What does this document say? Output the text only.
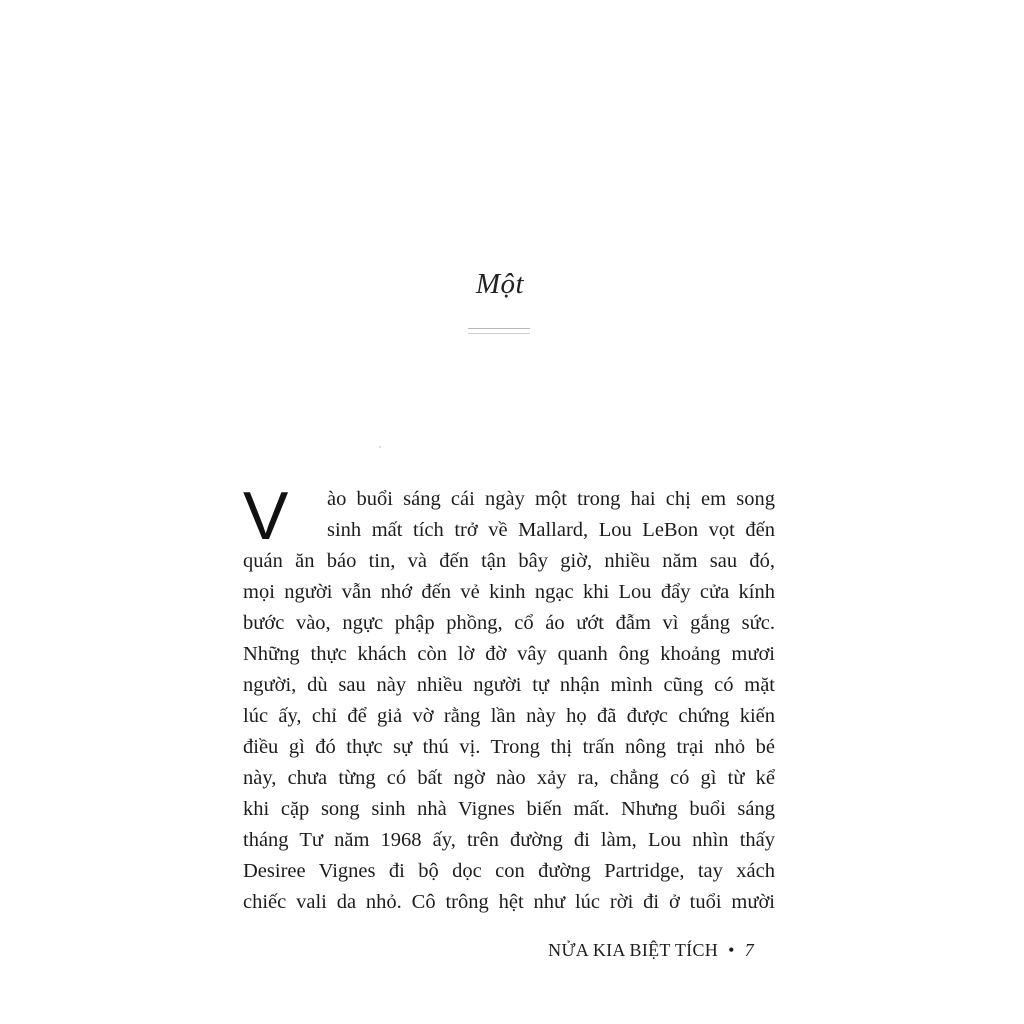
Một
V ào buổi sáng cái ngày một trong hai chị em song
sinh mất tích trở về Mallard, Lou LeBon vọt đến
quán ăn báo tin, và đến tận bây giờ, nhiều năm sau đó,
mọi người vẫn nhớ đến vẻ kinh ngạc khi Lou đẩy cửa kính
bước vào, ngực phập phồng, cổ áo ướt đẫm vì gắng sức.
Những thực khách còn lờ đờ vây quanh ông khoảng mươi
người, dù sau này nhiều người tự nhận mình cũng có mặt
lúc ấy, chỉ để giả vờ rằng lần này họ đã được chứng kiến
điều gì đó thực sự thú vị. Trong thị trấn nông trại nhỏ bé
này, chưa từng có bất ngờ nào xảy ra, chẳng có gì từ kể
khi cặp song sinh nhà Vignes biến mất. Nhưng buổi sáng
tháng Tư năm 1968 ấy, trên đường đi làm, Lou nhìn thấy
Desiree Vignes đi bộ dọc con đường Partridge, tay xách
chiếc vali da nhỏ. Cô trông hệt như lúc rời đi ở tuổi mười
NỬA KIA BIỆT TÍCH • 7
